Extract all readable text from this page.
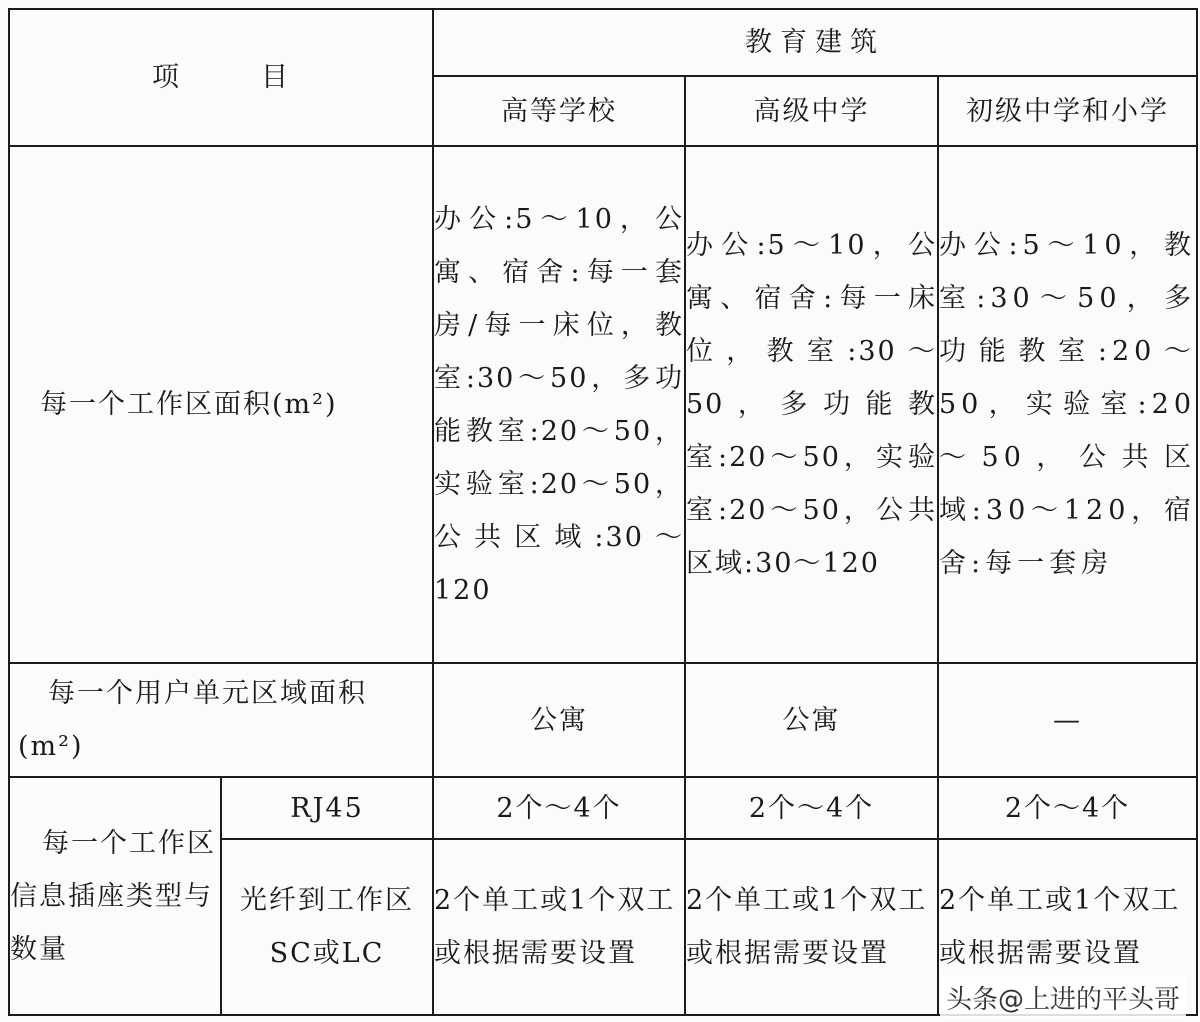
项 目		教育建筑		
		高等学校	高级中学	初级中学和小学
每一个工作区面积(m²)		办公:5～10，公寓、宿舍:每一套房/每一床位，教室:30～50，多功能教室:20～50，实验室:20～50，公共区域:30～120	办公:5～10，公寓、宿舍:每一床位，教室:30～50，多功能教室:20～50，实验室:20～50，公共区域:30～120	办公:5～10，教室:30～50，多功能教室:20～50，实验室:20～50，公共区域:30～120，宿舍:每一套房
每一个用户单元区域面积(m²)		公寓	公寓	—

每一个工作区信息插座类型与数量	RJ45	2个～4个	2个～4个	2个～4个
	光纤到工作区SC或LC	2个单工或1个双工或根据需要设置	2个单工或1个双工或根据需要设置	2个单工或1个双工或根据需要设置
头条@上进的平头哥
